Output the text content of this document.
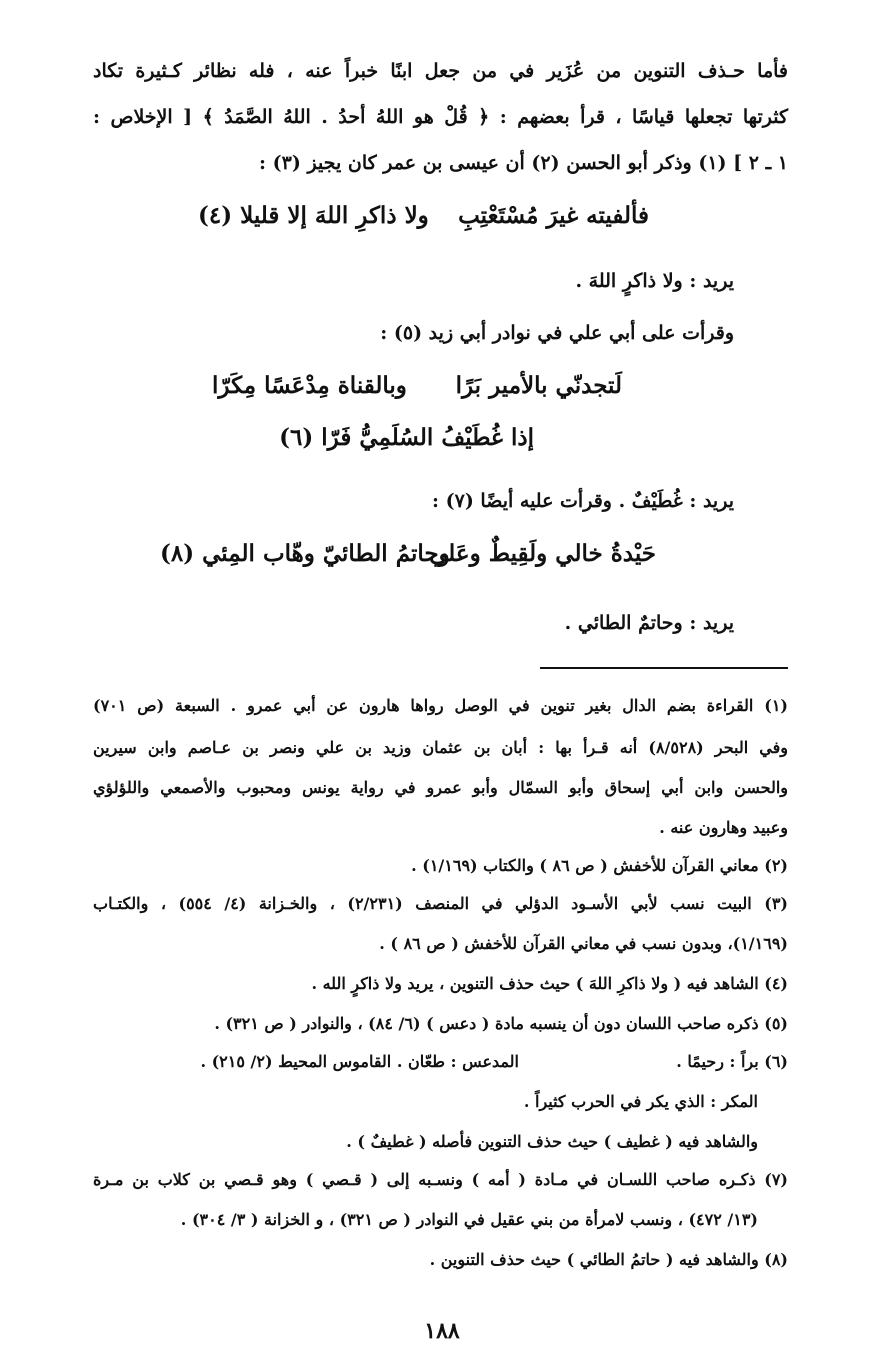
فأما حـذف التنوين من عُزَير في من جعل ابنًا خبراً عنه ، فله نظائر كـثيرة تكاد
كثرتها تجعلها قياسًا ، قرأ بعضهم : ﴿ قُلْ هو اللهُ أحدُ . اللهُ الصَّمَدُ ﴾ [ الإخلاص :
١ ـ ٢ ] (١) وذكر أبو الحسن (٢) أن عيسى بن عمر كان يجيز (٣) :
فألفيته غيرَ مُسْتَعْتِبِ
ولا ذاكرِ اللهَ إلا قليلا (٤)
يريد : ولا ذاكرٍ اللهَ .
وقرأت على أبي علي في نوادر أبي زيد (٥) :
لَتجدنّي بالأمير بَرًا
وبالقناة مِدْعَسًا مِكَرّا
إذا غُطَيْفُ السُلَمِيُّ فَرّا (٦)
يريد : غُطَيْفٌ . وقرأت عليه أيضًا (٧) :
حَيْدةُ خالي ولَقِيطٌ وعَلي
وحاتمُ الطائيّ وهّاب المِئي (٨)
يريد : وحاتمٌ الطائي .
(١) القراءة بضم الدال بغير تنوين في الوصل رواها هارون عن أبي عمرو . السبعة (ص ٧٠١)
وفي البحر (٨/٥٢٨) أنه قـرأ بها : أبان بن عثمان وزيد بن علي ونصر بن عـاصم وابن سيرين
والحسن وابن أبي إسحاق وأبو السمّال وأبو عمرو في رواية يونس ومحبوب والأصمعي واللؤلؤي
وعبيد وهارون عنه .
(٢) معاني القرآن للأخفش ( ص ٨٦ ) والكتاب (١/١٦٩) .
(٣) البيت نسب لأبي الأسـود الدؤلي في المنصف (٢/٢٣١) ، والخـزانة (٤/ ٥٥٤) ، والكتـاب
(١/١٦٩)، وبدون نسب في معاني القرآن للأخفش ( ص ٨٦ ) .
(٤) الشاهد فيه ( ولا ذاكرِ اللهَ ) حيث حذف التنوين ، يريد ولا ذاكرٍ الله .
(٥) ذكره صاحب اللسان دون أن ينسبه مادة ( دعس ) (٦/ ٨٤) ، والنوادر ( ص ٣٢١) .
(٦) براً : رحيمًا .
المدعس : طعّان . القاموس المحيط (٢/ ٢١٥) .
المكر : الذي يكر في الحرب كثيراً .
والشاهد فيه ( غطيف ) حيث حذف التنوين فأصله ( غطيفٌ ) .
(٧) ذكـره صاحب اللسـان في مـادة ( أمه ) ونسـبه إلى ( قـصي ) وهو قـصي بن كلاب بن مـرة
(١٣/ ٤٧٢) ، ونسب لامرأة من بني عقيل في النوادر ( ص ٣٢١) ، و الخزانة ( ٣/ ٣٠٤) .
(٨) والشاهد فيه ( حاتمُ الطائي ) حيث حذف التنوين .
١٨٨
